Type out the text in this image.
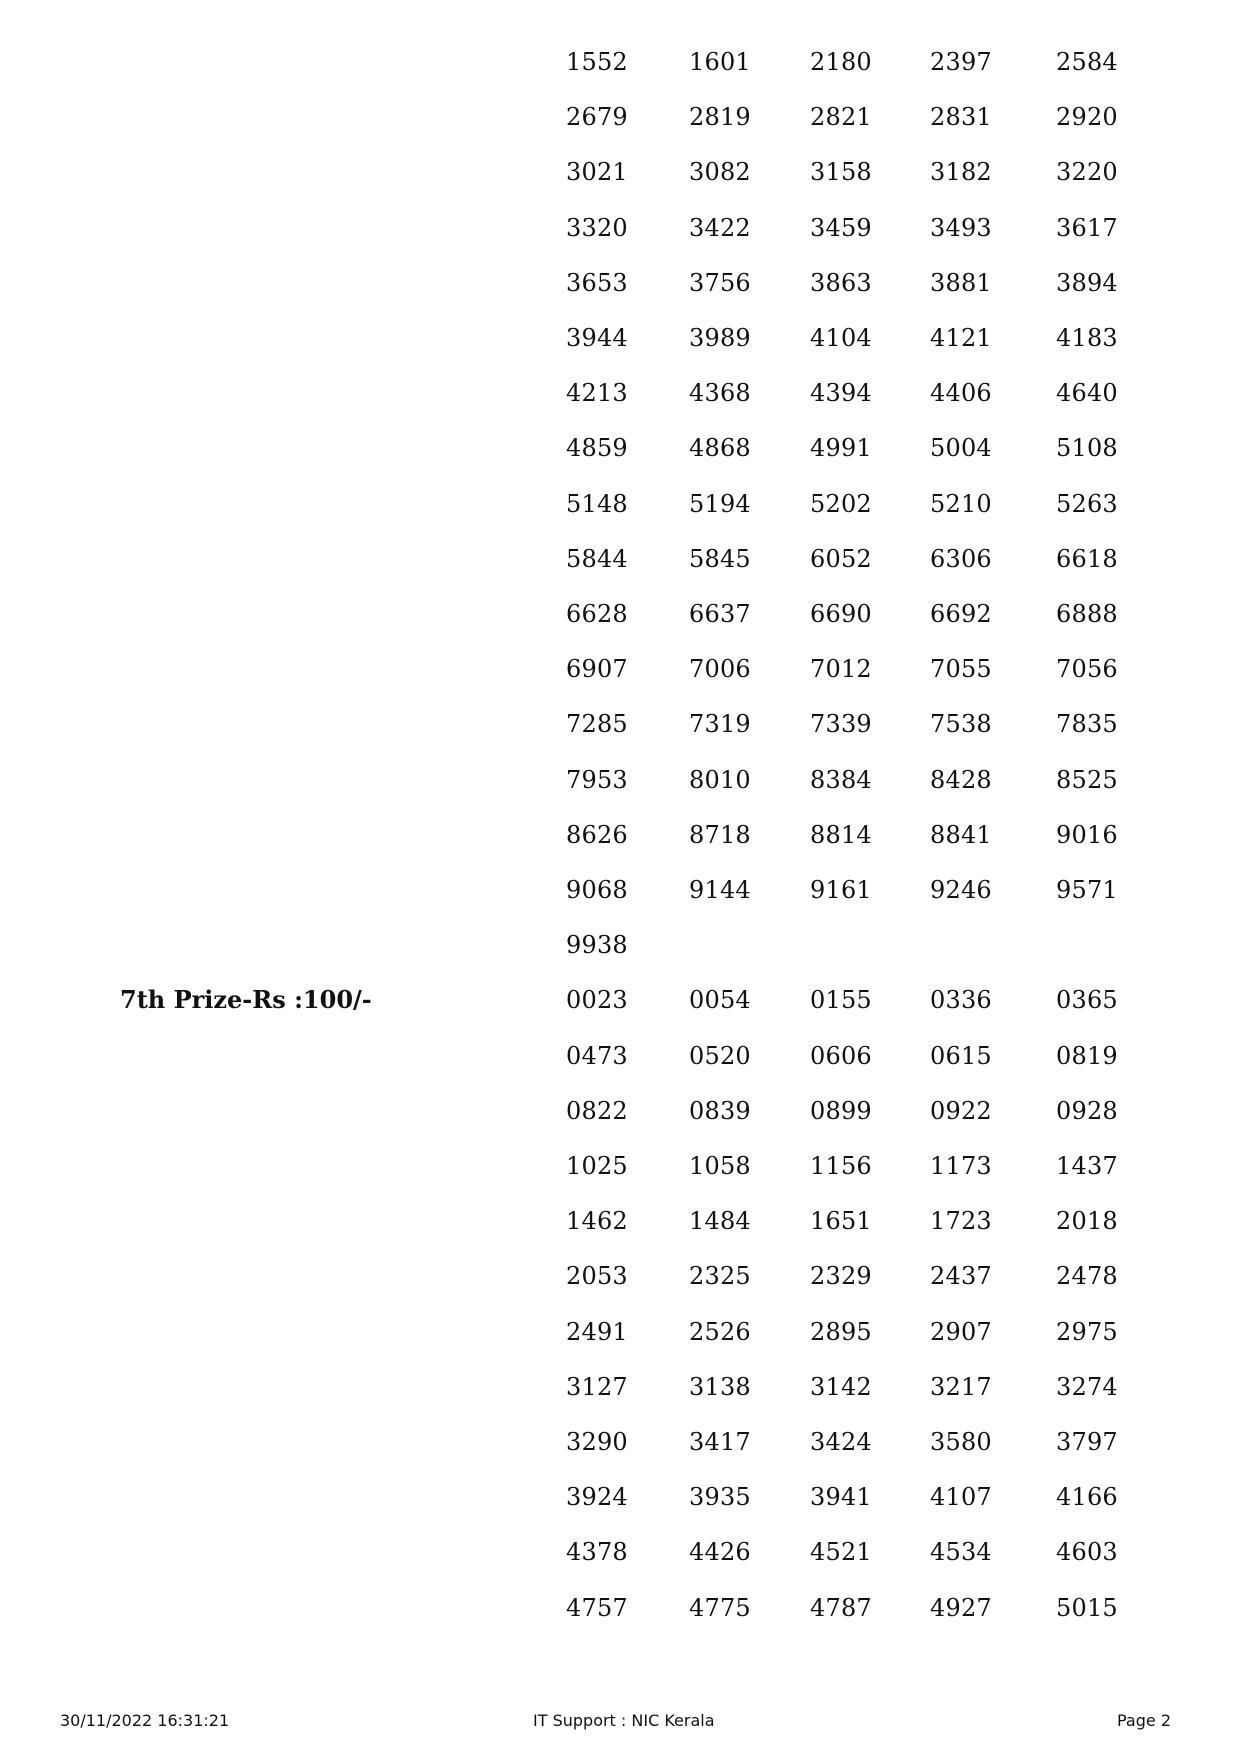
1552	1601 2180 2397	2584
2679	2819 2821 2831	2920
3021	3082 3158 3182	3220
3320	3422 3459 3493	3617
3653	3756 3863 3881	3894
3944	3989 4104 4121	4183
4213	4368 4394 4406	4640
4859	4868 4991 5004	5108
5148	5194 5202 5210	5263
5844	5845 6052 6306	6618
6628	6637 6690 6692	6888
6907	7006 7012 7055	7056
7285	7319 7339 7538	7835
7953	8010 8384 8428	8525
8626	8718 8814 8841	9016
9068	9144 9161 9246	9571
9938
7th Prize-Rs :100/-	0023	0054 0155 0336	0365
0473	0520 0606 0615	0819
0822	0839 0899 0922	0928
1025	1058 1156 1173	1437
1462	1484 1651 1723	2018
2053	2325 2329 2437	2478
2491	2526 2895 2907	2975
3127	3138 3142 3217	3274
3290	3417 3424 3580	3797
3924	3935 3941 4107	4166
4378	4426 4521 4534	4603
4757	4775 4787 4927	5015
30/11/2022 16:31:21	IT Support : NIC Kerala	Page 2
